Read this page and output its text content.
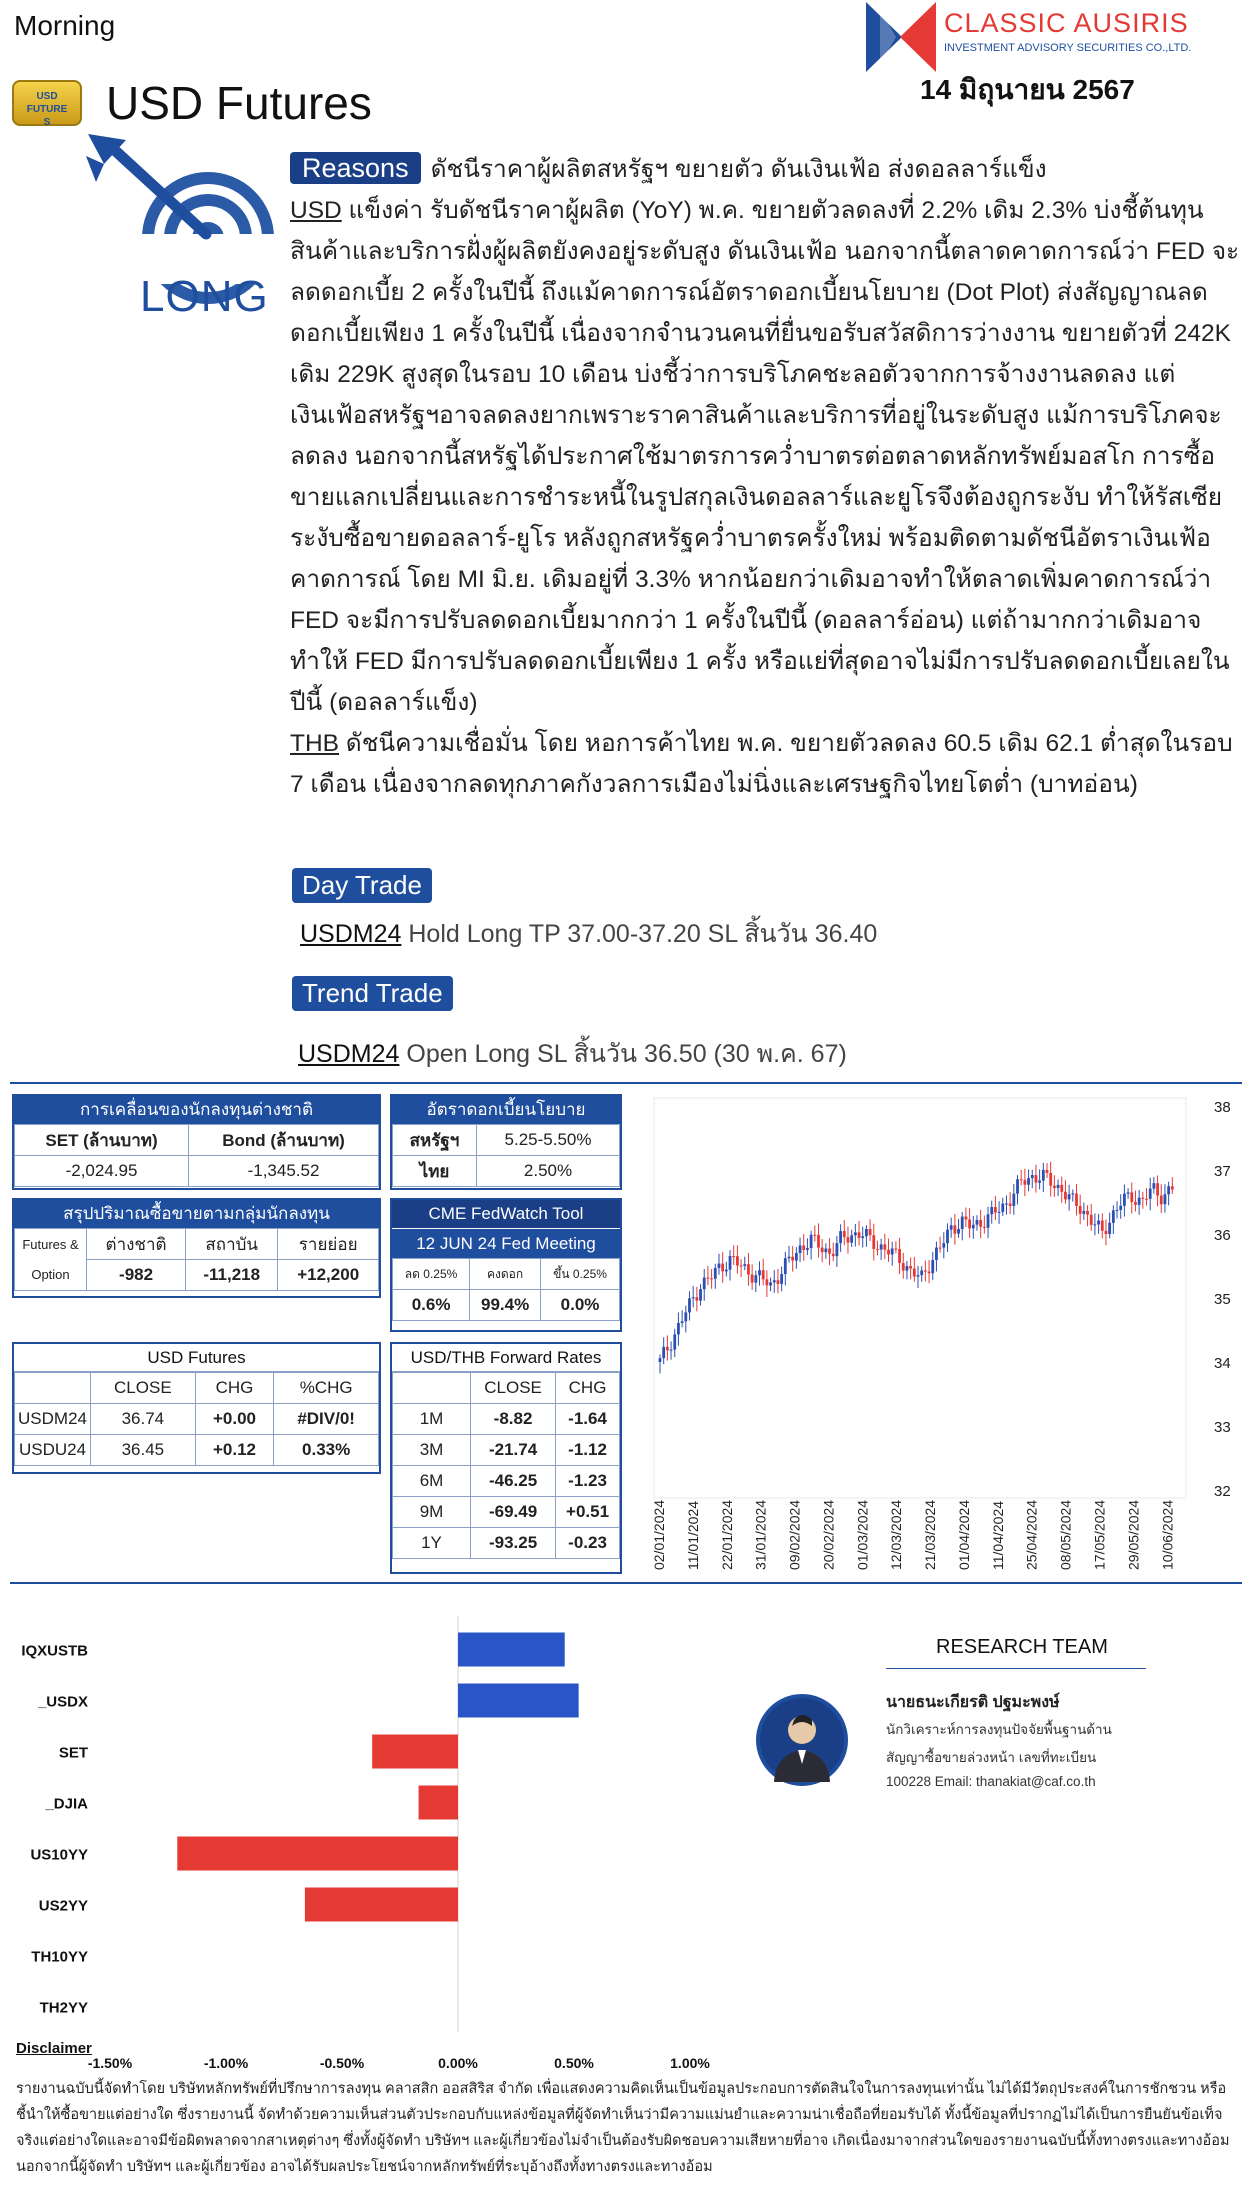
Morning	CLASSIC AUSIRIS
INVESTMENT ADVISORY SECURITIES CO.,LTD.
14 มิถุนายน 2567
USD FUTURES	USD Futures
LONG

Reasons ดัชนีราคาผู้ผลิตสหรัฐฯ ขยายตัว ดันเงินเฟ้อ ส่งดอลลาร์แข็ง

USD แข็งค่า รับดัชนีราคาผู้ผลิต (YoY) พ.ค. ขยายตัวลดลงที่ 2.2% เดิม 2.3% บ่งชี้ต้นทุนสินค้าและบริการฝั่งผู้ผลิตยังคงอยู่ระดับสูง ดันเงินเฟ้อ นอกจากนี้ตลาดคาดการณ์ว่า FED จะลดดอกเบี้ย 2 ครั้งในปีนี้ ถึงแม้คาดการณ์อัตราดอกเบี้ยนโยบาย (Dot Plot) ส่งสัญญาณลดดอกเบี้ยเพียง 1 ครั้งในปีนี้ เนื่องจากจำนวนคนที่ยื่นขอรับสวัสดิการว่างงาน ขยายตัวที่ 242K เดิม 229K สูงสุดในรอบ 10 เดือน บ่งชี้ว่าการบริโภคชะลอตัวจากการจ้างงานลดลง แต่เงินเฟ้อสหรัฐฯอาจลดลงยากเพราะราคาสินค้าและบริการที่อยู่ในระดับสูง แม้การบริโภคจะลดลง นอกจากนี้สหรัฐได้ประกาศใช้มาตรการคว่ำบาตรต่อตลาดหลักทรัพย์มอสโก การซื้อขายแลกเปลี่ยนและการชำระหนี้ในรูปสกุลเงินดอลลาร์และยูโรจึงต้องถูกระงับ ทำให้รัสเซียระงับซื้อขายดอลลาร์-ยูโร หลังถูกสหรัฐคว่ำบาตรครั้งใหม่ พร้อมติดตามดัชนีอัตราเงินเฟ้อคาดการณ์ โดย MI มิ.ย. เดิมอยู่ที่ 3.3% หากน้อยกว่าเดิมอาจทำให้ตลาดเพิ่มคาดการณ์ว่า FED จะมีการปรับลดดอกเบี้ยมากกว่า 1 ครั้งในปีนี้ (ดอลลาร์อ่อน) แต่ถ้ามากกว่าเดิมอาจทำให้ FED มีการปรับลดดอกเบี้ยเพียง 1 ครั้ง หรือแย่ที่สุดอาจไม่มีการปรับลดดอกเบี้ยเลยในปีนี้ (ดอลลาร์แข็ง)

THB ดัชนีความเชื่อมั่น โดย หอการค้าไทย พ.ค. ขยายตัวลดลง 60.5 เดิม 62.1 ต่ำสุดในรอบ 7 เดือน เนื่องจากลดทุกภาคกังวลการเมืองไม่นิ่งและเศรษฐกิจไทยโตต่ำ (บาทอ่อน)

Day Trade
USDM24 Hold Long TP 37.00-37.20 SL สิ้นวัน 36.40
Trend Trade
USDM24 Open Long SL สิ้นวัน 36.50 (30 พ.ค. 67)
การเคลื่อนของนักลงทุนต่างชาติ
SET (ล้านบาท)	Bond (ล้านบาท)
-2,024.95	-1,345.52
อัตราดอกเบี้ยนโยบาย
สหรัฐฯ	5.25-5.50%
ไทย	2.50%
สรุปปริมาณซื้อขายตามกลุ่มนักลงทุน
Futures &
Option	ต่างชาติ	สถาบัน	รายย่อย
	-982	-11,218	+12,200
CME FedWatch Tool
12 JUN 24 Fed Meeting
ลด 0.25%	คงดอก	ขึ้น 0.25%
0.6%	99.4%	0.0%
USD Futures
	CLOSE	CHG	%CHG
USDM24	36.74	+0.00	#DIV/0!
USDU24	36.45	+0.12	0.33%
USD/THB Forward Rates
	CLOSE	CHG
1M	-8.82	-1.64
3M	-21.74	-1.12
6M	-46.25	-1.23
9M	-69.49	+0.51
1Y	-93.25	-0.23
38
37
36
35
34
33
32
02/01/2024 11/01/2024 22/01/2024 31/01/2024 09/02/2024 20/02/2024 01/03/2024 12/03/2024 21/03/2024 01/04/2024 11/04/2024 25/04/2024 08/05/2024 17/05/2024 29/05/2024 10/06/2024
IQXUSTB
_USDX
SET
_DJIA
US10YY
US2YY
TH10YY
TH2YY
-1.50%	-1.00%	-0.50%	0.00%	0.50%	1.00%
RESEARCH TEAM
นายธนะเกียรติ ปฐมะพงษ์
นักวิเคราะห์การลงทุนปัจจัยพื้นฐานด้าน
สัญญาซื้อขายล่วงหน้า เลขที่ทะเบียน
100228 Email: thanakiat@caf.co.th
Disclaimer
รายงานฉบับนี้จัดทำโดย บริษัทหลักทรัพย์ที่ปรึกษาการลงทุน คลาสสิก ออสสิริส จำกัด เพื่อแสดงความคิดเห็นเป็นข้อมูลประกอบการตัดสินใจในการลงทุนเท่านั้น ไม่ได้มีวัตถุประสงค์ในการชักชวน หรือชี้นำให้ซื้อขายแต่อย่างใด ซึ่งรายงานนี้ จัดทำด้วยความเห็นส่วนตัวประกอบกับแหล่งข้อมูลที่ผู้จัดทำเห็นว่ามีความแม่นยำและความน่าเชื่อถือที่ยอมรับได้ ทั้งนี้ข้อมูลที่ปรากฏไม่ได้เป็นการยืนยันข้อเท็จจริงแต่อย่างใดและอาจมีข้อผิดพลาดจากสาเหตุต่างๆ ซึ่งทั้งผู้จัดทำ บริษัทฯ และผู้เกี่ยวข้องไม่จำเป็นต้องรับผิดชอบความเสียหายที่อาจ เกิดเนื่องมาจากส่วนใดของรายงานฉบับนี้ทั้งทางตรงและทางอ้อม นอกจากนี้ผู้จัดทำ บริษัทฯ และผู้เกี่ยวข้อง อาจได้รับผลประโยชน์จากหลักทรัพย์ที่ระบุอ้างถึงทั้งทางตรงและทางอ้อม
